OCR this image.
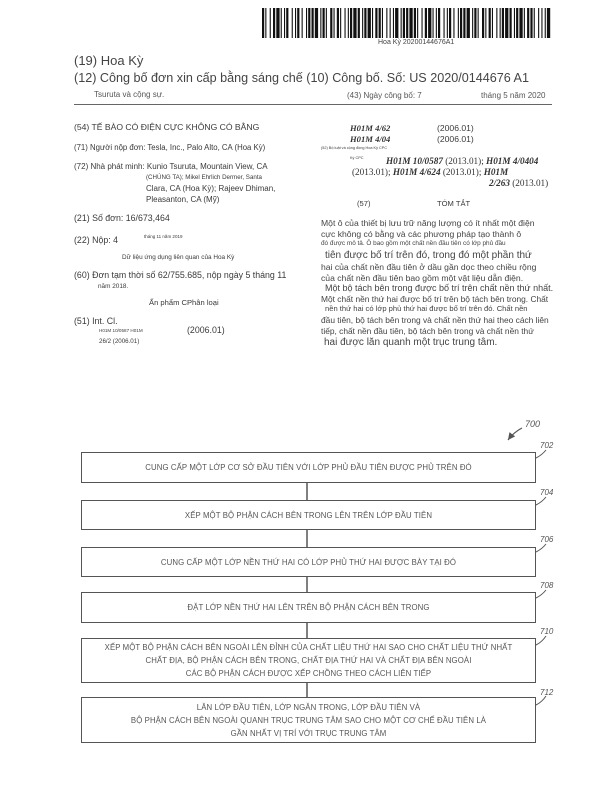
Hoa Kỳ 20200144676A1
(19) Hoa Kỳ
(12) Công bố đơn xin cấp bằng sáng chế (10) Công bố. Số: US 2020/0144676 A1
Tsuruta và cộng sự.	(43) Ngày công bố: 7	tháng 5 năm 2020
(54) TẾ BÀO CÓ ĐIỆN CỰC KHÔNG CÓ BẰNG
(71) Người nộp đơn: Tesla, Inc., Palo Alto, CA (Hoa Kỳ)
(72) Nhà phát minh: Kunio Tsuruta, Mountain View, CA
(CHÚNG TA); Mikel Ehrlich Dermer, Santa
Clara, CA (Hoa Kỳ); Rajeev Dhiman,
Pleasanton, CA (Mỹ)
(21) Số đơn: 16/673,464
(22) Nộp: 4	tháng 11 năm 2019
Dữ liệu ứng dụng liên quan của Hoa Kỳ
(60) Đơn tạm thời số 62/755.685, nộp ngày 5 tháng 11
năm 2018.
Ấn phẩm CPhân loại
(51) Int. Cl.
H01M 10/0587 H01M	(2006.01)
26/2 (2006.01)
H01M 4/62	(2006.01)
H01M 4/04	(2006.01)
(52) Bộ luật và cộng đồng Hoa Kỳ CPC
Ký CPC H01M 10/0587 (2013.01); H01M 4/0404
(2013.01); H01M 4/624 (2013.01); H01M
2/263 (2013.01)
(57)	TÓM TẮT
Một ô của thiết bị lưu trữ năng lượng có ít nhất một điện
cực không có bằng và các phương pháp tạo thành ô
đó được mô tả. Ô bao gồm một chất nền đầu tiên có lớp phủ đầu
tiên được bố trí trên đó, trong đó một phần thứ
hai của chất nền đầu tiên ở dầu gần dọc theo chiều rộng
của chất nền đầu tiên bao gồm một vật liệu dẫn điện.
Một bộ tách bên trong được bố trí trên chất nền thứ nhất.
Một chất nền thứ hai được bố trí trên bộ tách bên trong. Chất
nền thứ hai có lớp phủ thứ hai được bố trí trên đó. Chất nền
đầu tiên, bộ tách bên trong và chất nền thứ hai theo cách liên
tiếp, chất nền đầu tiên, bộ tách bên trong và chất nền thứ
hai được lăn quanh một trục trung tâm.
700
CUNG CẤP MỘT LỚP CƠ SỞ ĐẦU TIÊN VỚI LỚP PHỦ ĐẦU TIÊN ĐƯỢC PHỦ TRÊN ĐÓ
702
XẾP MỘT BỘ PHẬN CÁCH BÊN TRONG LÊN TRÊN LỚP ĐẦU TIÊN
704
CUNG CẤP MỘT LỚP NỀN THỨ HAI CÓ LỚP PHỦ THỨ HAI ĐƯỢC BÀY TẠI ĐÓ
706
ĐẶT LỚP NỀN THỨ HAI LÊN TRÊN BỘ PHẬN CÁCH BÊN TRONG
708
XẾP MỘT BỘ PHẬN CÁCH BÊN NGOÀI LÊN ĐỈNH CỦA CHẤT LIỆU THỨ HAI SAO CHO CHẤT LIỆU THỨ NHẤT
CHẤT ĐỊA, BỘ PHẬN CÁCH BÊN TRONG, CHẤT ĐỊA THỨ HAI VÀ CHẤT ĐỊA BÊN NGOÀI
CÁC BỘ PHẬN CÁCH ĐƯỢC XẾP CHỒNG THEO CÁCH LIÊN TIẾP
710
LĂN LỚP ĐẦU TIÊN, LỚP NGĂN TRONG, LỚP ĐẦU TIÊN VÀ
BỘ PHẬN CÁCH BÊN NGOÀI QUANH TRỤC TRUNG TÂM SAO CHO MỘT CƠ CHẾ ĐẦU TIÊN LÀ
GẦN NHẤT VỊ TRÍ VỚI TRỤC TRUNG TÂM
712
